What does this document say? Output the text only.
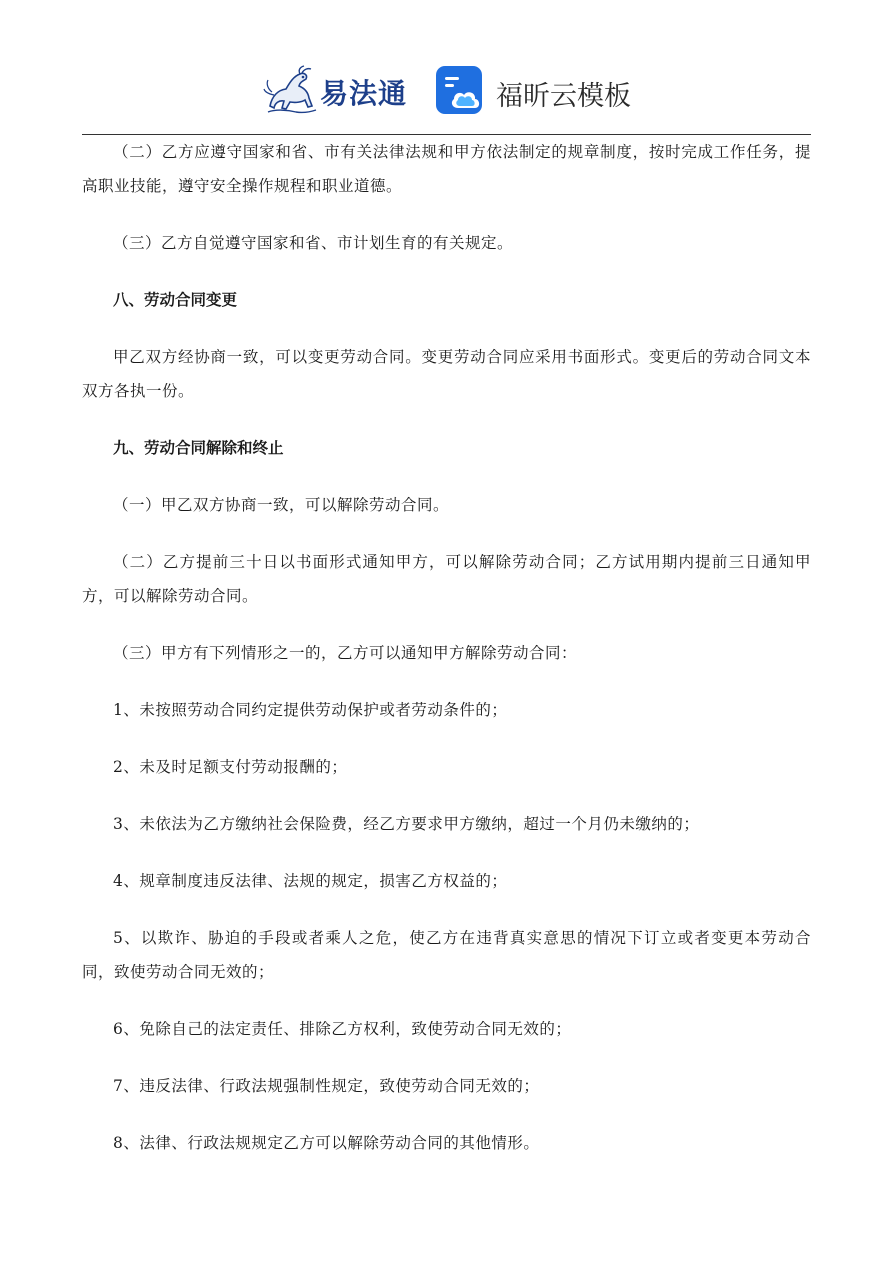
易法通	福昕云模板

（二）乙方应遵守国家和省、市有关法律法规和甲方依法制定的规章制度，按时完成工作任务，提高职业技能，遵守安全操作规程和职业道德。

（三）乙方自觉遵守国家和省、市计划生育的有关规定。

八、劳动合同变更

甲乙双方经协商一致，可以变更劳动合同。变更劳动合同应采用书面形式。变更后的劳动合同文本双方各执一份。

九、劳动合同解除和终止

（一）甲乙双方协商一致，可以解除劳动合同。

（二）乙方提前三十日以书面形式通知甲方，可以解除劳动合同；乙方试用期内提前三日通知甲方，可以解除劳动合同。

（三）甲方有下列情形之一的，乙方可以通知甲方解除劳动合同：

1、未按照劳动合同约定提供劳动保护或者劳动条件的；

2、未及时足额支付劳动报酬的；

3、未依法为乙方缴纳社会保险费，经乙方要求甲方缴纳，超过一个月仍未缴纳的；

4、规章制度违反法律、法规的规定，损害乙方权益的；

5、以欺诈、胁迫的手段或者乘人之危，使乙方在违背真实意思的情况下订立或者变更本劳动合同，致使劳动合同无效的；

6、免除自己的法定责任、排除乙方权利，致使劳动合同无效的；

7、违反法律、行政法规强制性规定，致使劳动合同无效的；

8、法律、行政法规规定乙方可以解除劳动合同的其他情形。
